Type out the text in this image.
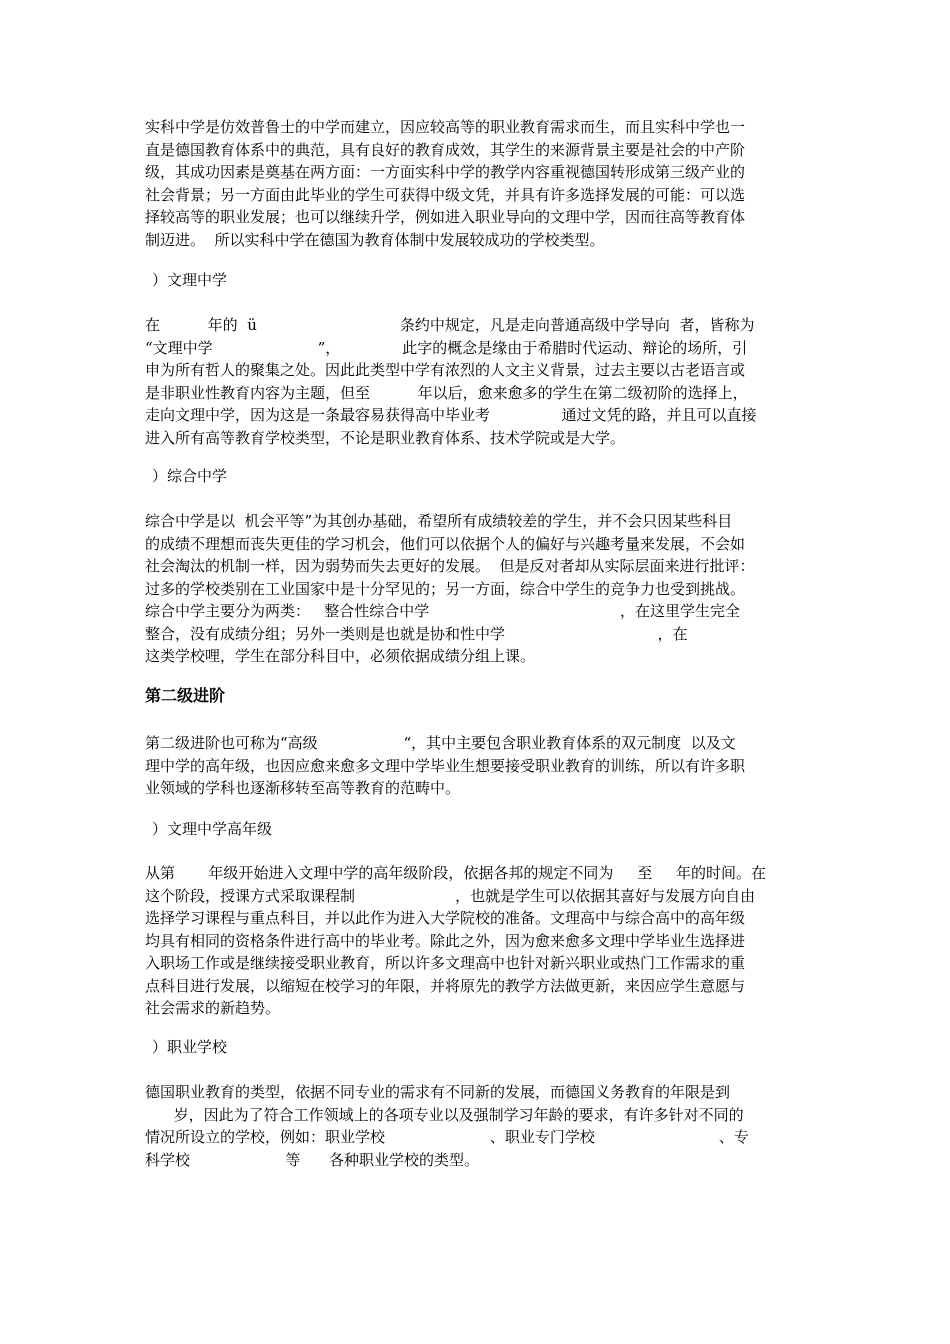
实科中学是仿效普鲁士的中学而建立，因应较高等的职业教育需求而生，而且实科中学也一
直是德国教育体系中的典范，具有良好的教育成效，其学生的来源背景主要是社会的中产阶
级，其成功因素是奠基在两方面：一方面实科中学的教学内容重视德国转形成第三级产业的
社会背景；另一方面由此毕业的学生可获得中级文凭，并具有许多选择发展的可能：可以选
择较高等的职业发展；也可以继续升学，例如进入职业导向的文理中学，因而往高等教育体
制迈进。  所以实科中学在德国为教育体制中发展较成功的学校类型。
）文理中学
在          年的  ü                              条约中规定，凡是走向普通高级中学导向  者，皆称为
“文理中学                      ”，             此字的概念是缘由于希腊时代运动、辩论的场所，引
申为所有哲人的聚集之处。因此此类型中学有浓烈的人文主义背景，过去主要以古老语言或
是非职业性教育内容为主题，但至          年以后，愈来愈多的学生在第二级初阶的选择上，
走向文理中学，因为这是一条最容易获得高中毕业考               通过文凭的路，并且可以直接
进入所有高等教育学校类型，不论是职业教育体系、技术学院或是大学。
）综合中学
综合中学是以  机会平等”为其创办基础，希望所有成绩较差的学生，并不会只因某些科目
的成绩不理想而丧失更佳的学习机会，他们可以依据个人的偏好与兴趣考量来发展，不会如
社会淘汰的机制一样，因为弱势而失去更好的发展。  但是反对者却从实际层面来进行批评：
过多的学校类别在工业国家中是十分罕见的；另一方面，综合中学生的竞争力也受到挑战。
综合中学主要分为两类：   整合性综合中学                                        ，在这里学生完全
整合，没有成绩分组；另外一类则是也就是协和性中学                                ，在
这类学校哩，学生在部分科目中，必须依据成绩分组上课。
第二级进阶
第二级进阶也可称为“高级                  “，其中主要包含职业教育体系的双元制度  以及文
理中学的高年级，也因应愈来愈多文理中学毕业生想要接受职业教育的训练，所以有许多职
业领域的学科也逐渐移转至高等教育的范畴中。
）文理中学高年级
从第       年级开始进入文理中学的高年级阶段，依据各邦的规定不同为     至     年的时间。在
这个阶段，授课方式采取课程制                     ，也就是学生可以依据其喜好与发展方向自由
选择学习课程与重点科目，并以此作为进入大学院校的准备。文理高中与综合高中的高年级
均具有相同的资格条件进行高中的毕业考。除此之外，因为愈来愈多文理中学毕业生选择进
入职场工作或是继续接受职业教育，所以许多文理高中也针对新兴职业或热门工作需求的重
点科目进行发展，以缩短在校学习的年限，并将原先的教学方法做更新，来因应学生意愿与
社会需求的新趋势。
）职业学校
德国职业教育的类型，依据不同专业的需求有不同新的发展，而德国义务教育的年限是到
岁，因此为了符合工作领域上的各项专业以及强制学习年龄的要求，有许多针对不同的
情况所设立的学校，例如：职业学校                      、职业专门学校                          、专
科学校                    等      各种职业学校的类型。
